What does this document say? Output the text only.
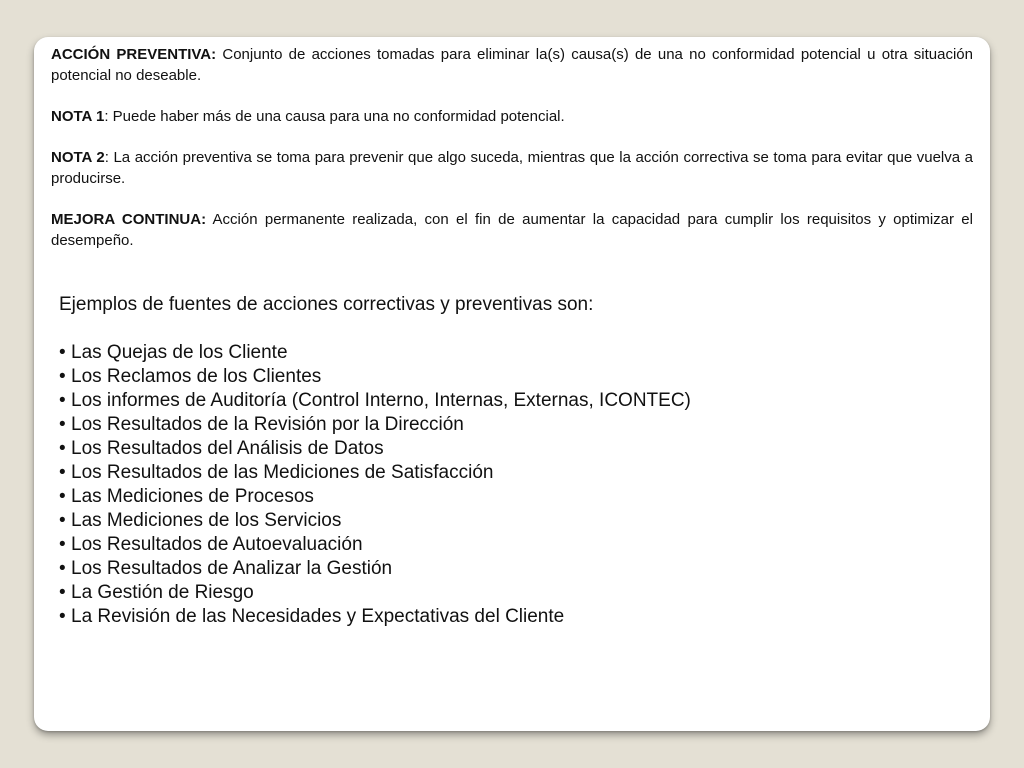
ACCIÓN PREVENTIVA: Conjunto de acciones tomadas para eliminar la(s) causa(s) de una no conformidad potencial u otra situación potencial no deseable.

NOTA 1: Puede haber más de una causa para una no conformidad potencial.

NOTA 2: La acción preventiva se toma para prevenir que algo suceda, mientras que la acción correctiva se toma para evitar que vuelva a producirse.

MEJORA CONTINUA: Acción permanente realizada, con el fin de aumentar la capacidad para cumplir los requisitos y optimizar el desempeño.

Ejemplos de fuentes de acciones correctivas y preventivas son:

• Las Quejas de los Cliente
• Los Reclamos de los Clientes
• Los informes de Auditoría (Control Interno, Internas, Externas, ICONTEC)
• Los Resultados de la Revisión por la Dirección
• Los Resultados del Análisis de Datos
• Los Resultados de las Mediciones de Satisfacción
• Las Mediciones de Procesos
• Las Mediciones de los Servicios
• Los Resultados de Autoevaluación
• Los Resultados de Analizar la Gestión
• La Gestión de Riesgo
• La Revisión de las Necesidades y Expectativas del Cliente
